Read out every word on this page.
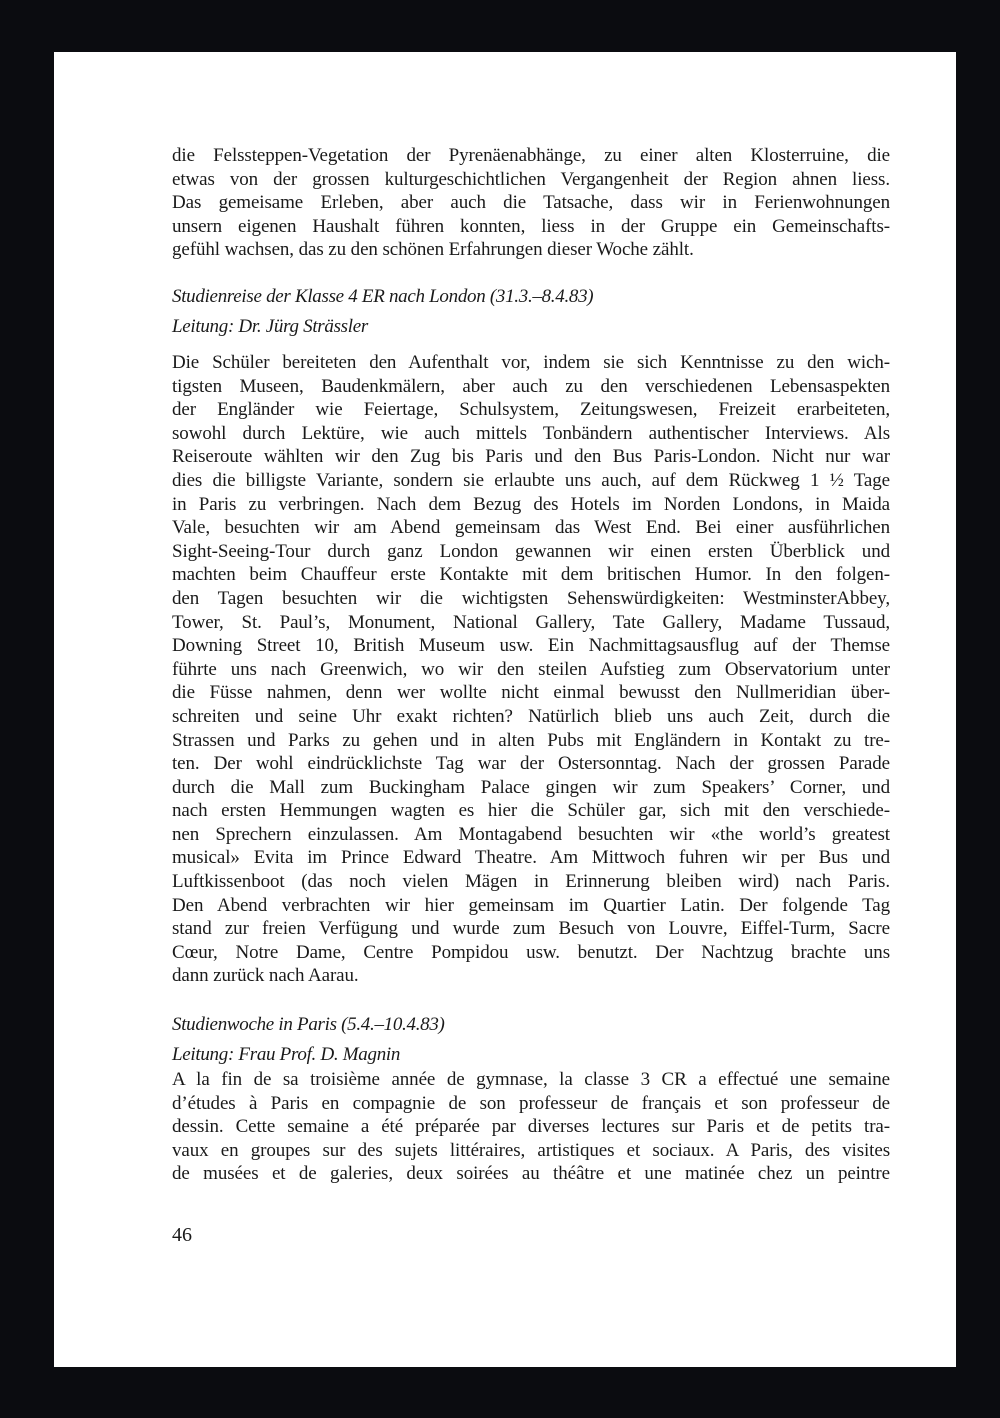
die Felssteppen-Vegetation der Pyrenäenabhänge, zu einer alten Klosterruine, die
etwas von der grossen kulturgeschichtlichen Vergangenheit der Region ahnen liess.
Das gemeisame Erleben, aber auch die Tatsache, dass wir in Ferienwohnungen
unsern eigenen Haushalt führen konnten, liess in der Gruppe ein Gemeinschafts-
gefühl wachsen, das zu den schönen Erfahrungen dieser Woche zählt.
Studienreise der Klasse 4 ER nach London (31.3.–8.4.83)
Leitung: Dr. Jürg Strässler
Die Schüler bereiteten den Aufenthalt vor, indem sie sich Kenntnisse zu den wich-
tigsten Museen, Baudenkmälern, aber auch zu den verschiedenen Lebensaspekten
der Engländer wie Feiertage, Schulsystem, Zeitungswesen, Freizeit erarbeiteten,
sowohl durch Lektüre, wie auch mittels Tonbändern authentischer Interviews. Als
Reiseroute wählten wir den Zug bis Paris und den Bus Paris-London. Nicht nur war
dies die billigste Variante, sondern sie erlaubte uns auch, auf dem Rückweg 1 ½ Tage
in Paris zu verbringen. Nach dem Bezug des Hotels im Norden Londons, in Maida
Vale, besuchten wir am Abend gemeinsam das West End. Bei einer ausführlichen
Sight-Seeing-Tour durch ganz London gewannen wir einen ersten Überblick und
machten beim Chauffeur erste Kontakte mit dem britischen Humor. In den folgen-
den Tagen besuchten wir die wichtigsten Sehenswürdigkeiten: WestminsterAbbey,
Tower, St. Paul’s, Monument, National Gallery, Tate Gallery, Madame Tussaud,
Downing Street 10, British Museum usw. Ein Nachmittagsausflug auf der Themse
führte uns nach Greenwich, wo wir den steilen Aufstieg zum Observatorium unter
die Füsse nahmen, denn wer wollte nicht einmal bewusst den Nullmeridian über-
schreiten und seine Uhr exakt richten? Natürlich blieb uns auch Zeit, durch die
Strassen und Parks zu gehen und in alten Pubs mit Engländern in Kontakt zu tre-
ten. Der wohl eindrücklichste Tag war der Ostersonntag. Nach der grossen Parade
durch die Mall zum Buckingham Palace gingen wir zum Speakers’ Corner, und
nach ersten Hemmungen wagten es hier die Schüler gar, sich mit den verschiede-
nen Sprechern einzulassen. Am Montagabend besuchten wir «the world’s greatest
musical» Evita im Prince Edward Theatre. Am Mittwoch fuhren wir per Bus und
Luftkissenboot (das noch vielen Mägen in Erinnerung bleiben wird) nach Paris.
Den Abend verbrachten wir hier gemeinsam im Quartier Latin. Der folgende Tag
stand zur freien Verfügung und wurde zum Besuch von Louvre, Eiffel-Turm, Sacre
Cœur, Notre Dame, Centre Pompidou usw. benutzt. Der Nachtzug brachte uns
dann zurück nach Aarau.
Studienwoche in Paris (5.4.–10.4.83)
Leitung: Frau Prof. D. Magnin
A la fin de sa troisième année de gymnase, la classe 3 CR a effectué une semaine
d’études à Paris en compagnie de son professeur de français et son professeur de
dessin. Cette semaine a été préparée par diverses lectures sur Paris et de petits tra-
vaux en groupes sur des sujets littéraires, artistiques et sociaux. A Paris, des visites
de musées et de galeries, deux soirées au théâtre et une matinée chez un peintre
46
